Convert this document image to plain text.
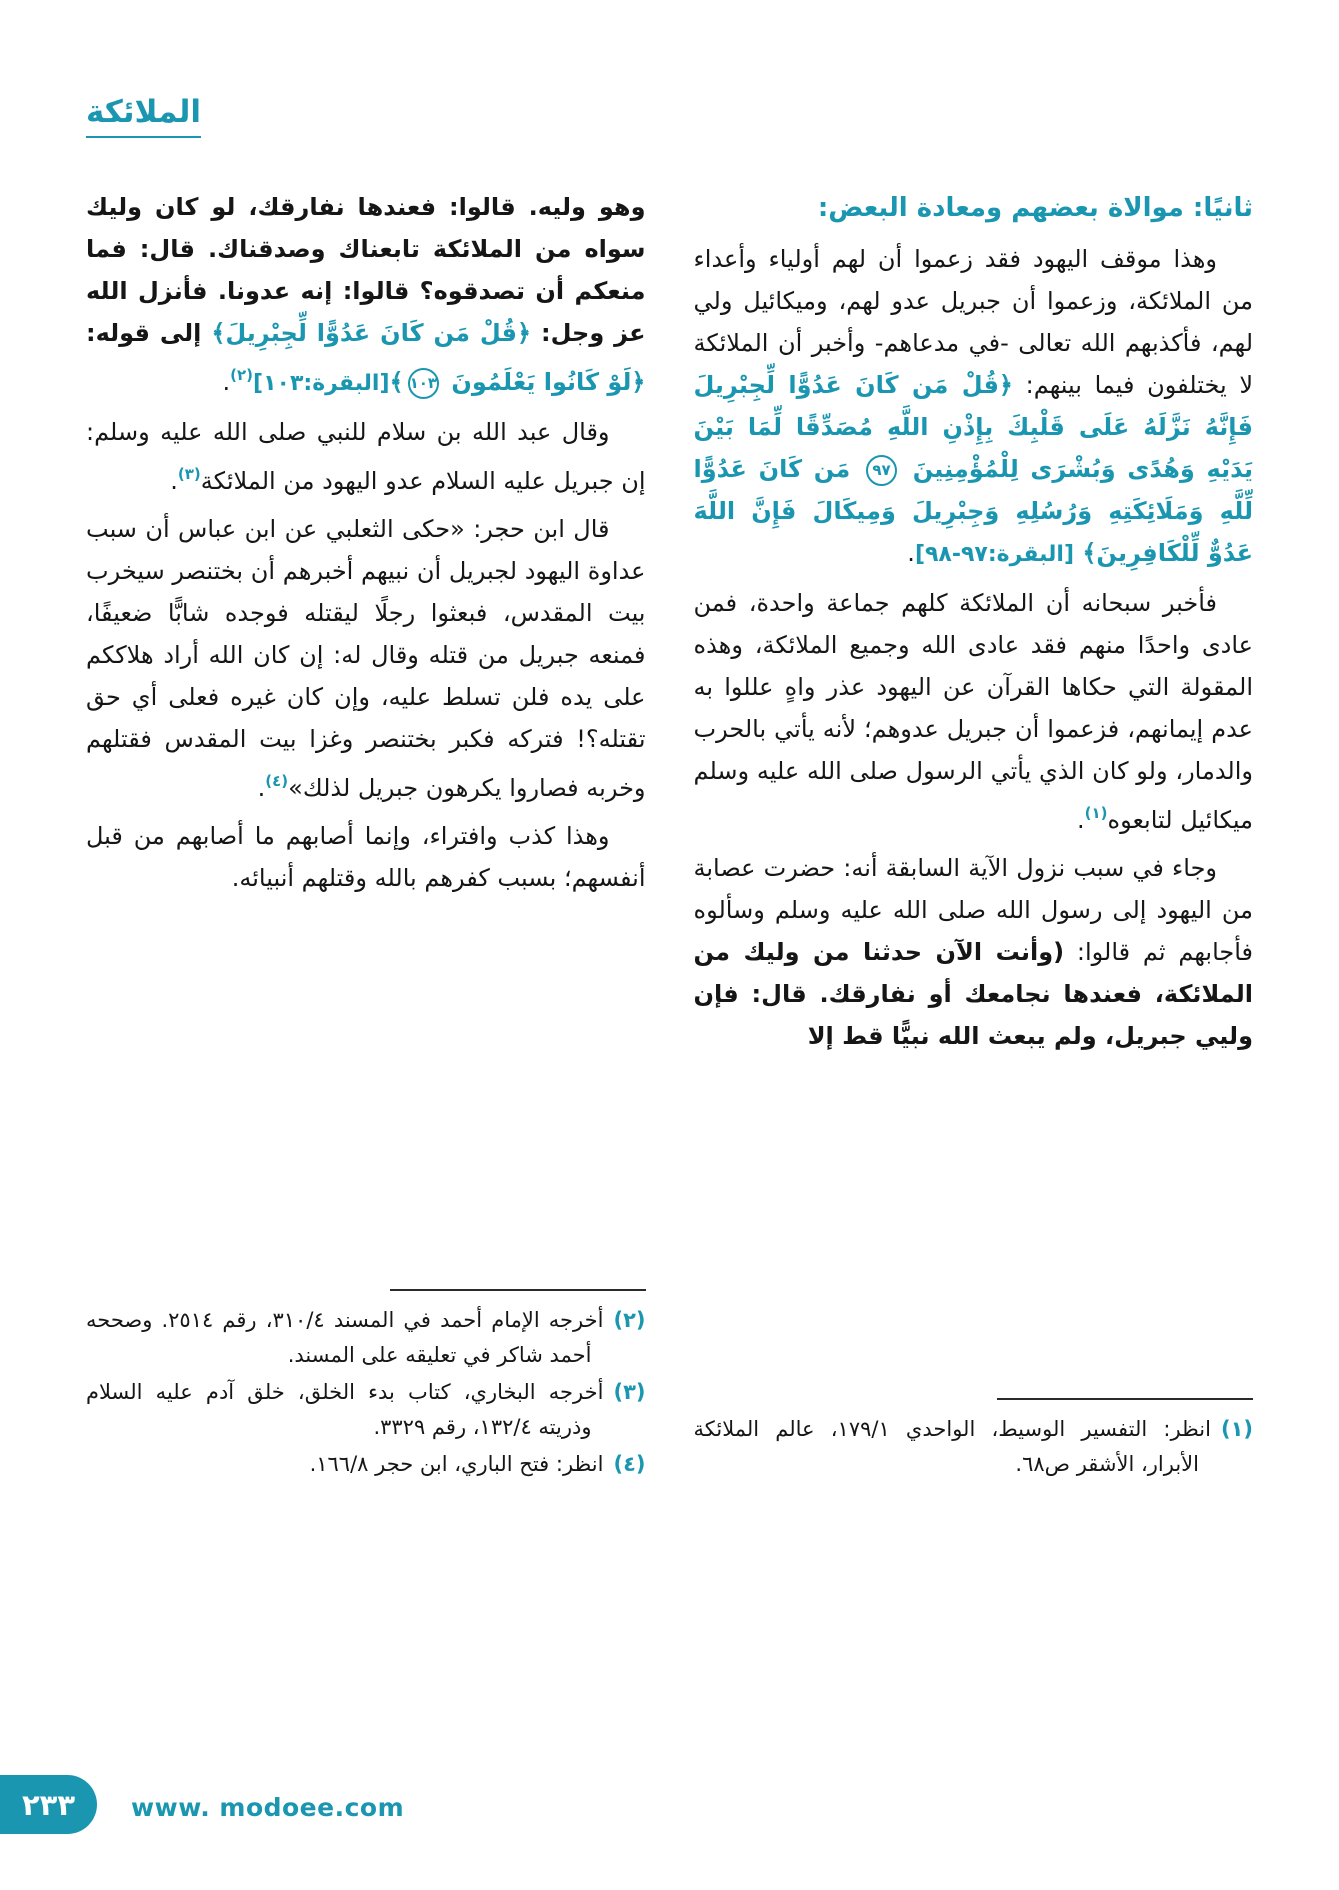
الملائكة
ثانيًا: موالاة بعضهم ومعادة البعض:
وهذا موقف اليهود فقد زعموا أن لهم أولياء وأعداء من الملائكة، وزعموا أن جبريل عدو لهم، وميكائيل ولي لهم، فأكذبهم الله تعالى -في مدعاهم- وأخبر أن الملائكة لا يختلفون فيما بينهم: ﴿قُلْ مَن كَانَ عَدُوًّا لِّجِبْرِيلَ فَإِنَّهُ نَزَّلَهُ عَلَى قَلْبِكَ بِإِذْنِ اللَّهِ مُصَدِّقًا لِّمَا بَيْنَ يَدَيْهِ وَهُدًى وَبُشْرَى لِلْمُؤْمِنِينَ ٩٧ مَن كَانَ عَدُوًّا لِّلَّهِ وَمَلَائِكَتِهِ وَرُسُلِهِ وَجِبْرِيلَ وَمِيكَالَ فَإِنَّ اللَّهَ عَدُوٌّ لِّلْكَافِرِينَ﴾ [البقرة:٩٧-٩٨].
فأخبر سبحانه أن الملائكة كلهم جماعة واحدة، فمن عادى واحدًا منهم فقد عادى الله وجميع الملائكة، وهذه المقولة التي حكاها القرآن عن اليهود عذر واهٍ عللوا به عدم إيمانهم، فزعموا أن جبريل عدوهم؛ لأنه يأتي بالحرب والدمار، ولو كان الذي يأتي الرسول صلى الله عليه وسلم ميكائيل لتابعوه$^{(١)}$.
وجاء في سبب نزول الآية السابقة أنه: حضرت عصابة من اليهود إلى رسول الله صلى الله عليه وسلم وسألوه فأجابهم ثم قالوا: (وأنت الآن حدثنا من وليك من الملائكة، فعندها نجامعك أو نفارقك. قال: فإن وليي جبريل، ولم يبعث الله نبيًّا قط إلا
(١)انظر: التفسير الوسيط، الواحدي ١٧٩/١، عالم الملائكة الأبرار، الأشقر ص٦٨.
وهو وليه. قالوا: فعندها نفارقك، لو كان وليك سواه من الملائكة تابعناك وصدقناك. قال: فما منعكم أن تصدقوه؟ قالوا: إنه عدونا. فأنزل الله عز وجل: ﴿قُلْ مَن كَانَ عَدُوًّا لِّجِبْرِيلَ﴾ إلى قوله: ﴿لَوْ كَانُوا يَعْلَمُونَ ١٠٣﴾[البقرة:١٠٣]$^{(٢)}$.
وقال عبد الله بن سلام للنبي صلى الله عليه وسلم: إن جبريل عليه السلام عدو اليهود من الملائكة$^{(٣)}$.
قال ابن حجر: «حكى الثعلبي عن ابن عباس أن سبب عداوة اليهود لجبريل أن نبيهم أخبرهم أن بختنصر سيخرب بيت المقدس، فبعثوا رجلًا ليقتله فوجده شابًّا ضعيفًا، فمنعه جبريل من قتله وقال له: إن كان الله أراد هلاككم على يده فلن تسلط عليه، وإن كان غيره فعلى أي حق تقتله؟! فتركه فكبر بختنصر وغزا بيت المقدس فقتلهم وخربه فصاروا يكرهون جبريل لذلك»$^{(٤)}$.
وهذا كذب وافتراء، وإنما أصابهم ما أصابهم من قبل أنفسهم؛ بسبب كفرهم بالله وقتلهم أنبيائه.
(٢)أخرجه الإمام أحمد في المسند ٣١٠/٤، رقم ٢٥١٤. وصححه أحمد شاكر في تعليقه على المسند.
(٣)أخرجه البخاري، كتاب بدء الخلق، خلق آدم عليه السلام وذريته ١٣٢/٤، رقم ٣٣٢٩.
(٤)انظر: فتح الباري، ابن حجر ١٦٦/٨.
٢٣٣ www. modoee.com
